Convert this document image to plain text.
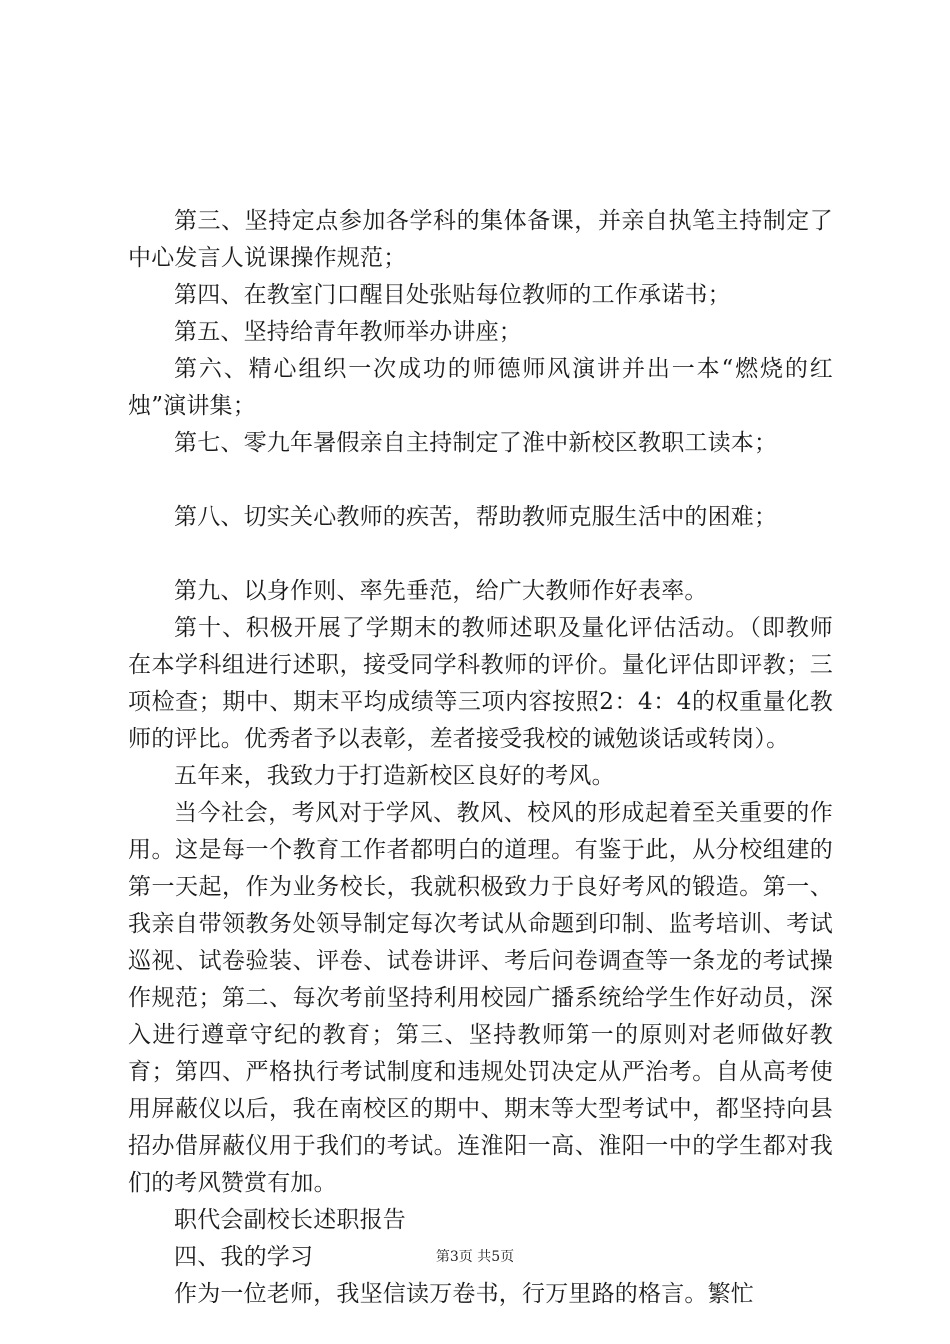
第三、坚持定点参加各学科的集体备课，并亲自执笔主持制定了中心发言人说课操作规范；

第四、在教室门口醒目处张贴每位教师的工作承诺书；

第五、坚持给青年教师举办讲座；

第六、精心组织一次成功的师德师风演讲并出一本“燃烧的红烛”演讲集；

第七、零九年暑假亲自主持制定了淮中新校区教职工读本；

第八、切实关心教师的疾苦，帮助教师克服生活中的困难；

第九、以身作则、率先垂范，给广大教师作好表率。

第十、积极开展了学期末的教师述职及量化评估活动。（即教师在本学科组进行述职，接受同学科教师的评价。量化评估即评教；三项检查；期中、期末平均成绩等三项内容按照2：4：4的权重量化教师的评比。优秀者予以表彰，差者接受我校的诫勉谈话或转岗）。

五年来，我致力于打造新校区良好的考风。

当今社会，考风对于学风、教风、校风的形成起着至关重要的作用。这是每一个教育工作者都明白的道理。有鉴于此，从分校组建的第一天起，作为业务校长，我就积极致力于良好考风的锻造。第一、我亲自带领教务处领导制定每次考试从命题到印制、监考培训、考试巡视、试卷验装、评卷、试卷讲评、考后问卷调查等一条龙的考试操作规范；第二、每次考前坚持利用校园广播系统给学生作好动员，深入进行遵章守纪的教育；第三、坚持教师第一的原则对老师做好教育；第四、严格执行考试制度和违规处罚决定从严治考。自从高考使用屏蔽仪以后，我在南校区的期中、期末等大型考试中，都坚持向县招办借屏蔽仪用于我们的考试。连淮阳一高、淮阳一中的学生都对我们的考风赞赏有加。

职代会副校长述职报告

四、我的学习

作为一位老师，我坚信读万卷书，行万里路的格言。繁忙

第3页 共5页
